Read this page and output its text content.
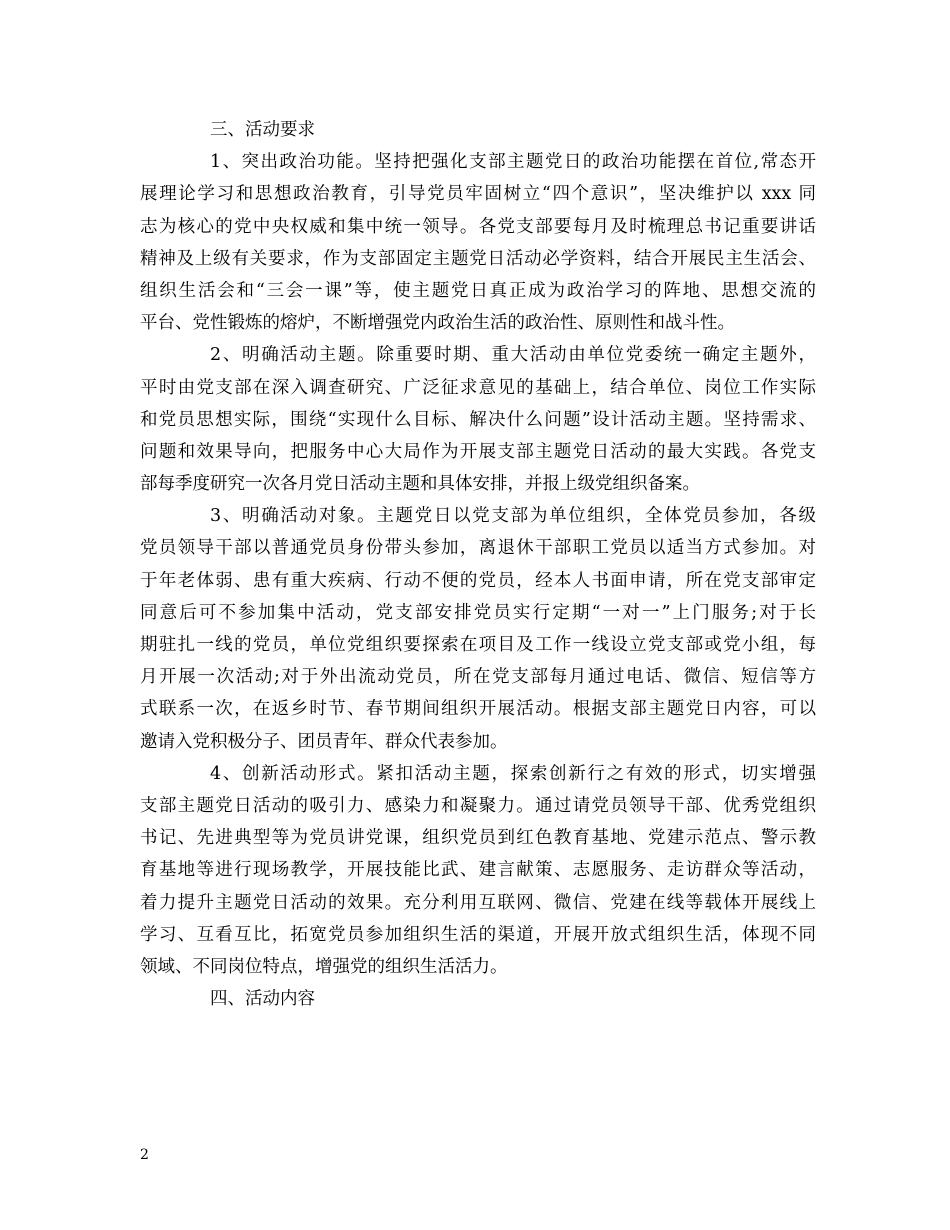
三、活动要求
1、突出政治功能。坚持把强化支部主题党日的政治功能摆在首位,常态开
展理论学习和思想政治教育，引导党员牢固树立“四个意识”，坚决维护以 xxx 同
志为核心的党中央权威和集中统一领导。各党支部要每月及时梳理总书记重要讲话
精神及上级有关要求，作为支部固定主题党日活动必学资料，结合开展民主生活会、
组织生活会和“三会一课”等，使主题党日真正成为政治学习的阵地、思想交流的
平台、党性锻炼的熔炉，不断增强党内政治生活的政治性、原则性和战斗性。
2、明确活动主题。除重要时期、重大活动由单位党委统一确定主题外，
平时由党支部在深入调查研究、广泛征求意见的基础上，结合单位、岗位工作实际
和党员思想实际，围绕“实现什么目标、解决什么问题”设计活动主题。坚持需求、
问题和效果导向，把服务中心大局作为开展支部主题党日活动的最大实践。各党支
部每季度研究一次各月党日活动主题和具体安排，并报上级党组织备案。
3、明确活动对象。主题党日以党支部为单位组织，全体党员参加，各级
党员领导干部以普通党员身份带头参加，离退休干部职工党员以适当方式参加。对
于年老体弱、患有重大疾病、行动不便的党员，经本人书面申请，所在党支部审定
同意后可不参加集中活动，党支部安排党员实行定期“一对一”上门服务;对于长
期驻扎一线的党员，单位党组织要探索在项目及工作一线设立党支部或党小组，每
月开展一次活动;对于外出流动党员，所在党支部每月通过电话、微信、短信等方
式联系一次，在返乡时节、春节期间组织开展活动。根据支部主题党日内容，可以
邀请入党积极分子、团员青年、群众代表参加。
4、创新活动形式。紧扣活动主题，探索创新行之有效的形式，切实增强
支部主题党日活动的吸引力、感染力和凝聚力。通过请党员领导干部、优秀党组织
书记、先进典型等为党员讲党课，组织党员到红色教育基地、党建示范点、警示教
育基地等进行现场教学，开展技能比武、建言献策、志愿服务、走访群众等活动，
着力提升主题党日活动的效果。充分利用互联网、微信、党建在线等载体开展线上
学习、互看互比，拓宽党员参加组织生活的渠道，开展开放式组织生活，体现不同
领域、不同岗位特点，增强党的组织生活活力。
四、活动内容
2
